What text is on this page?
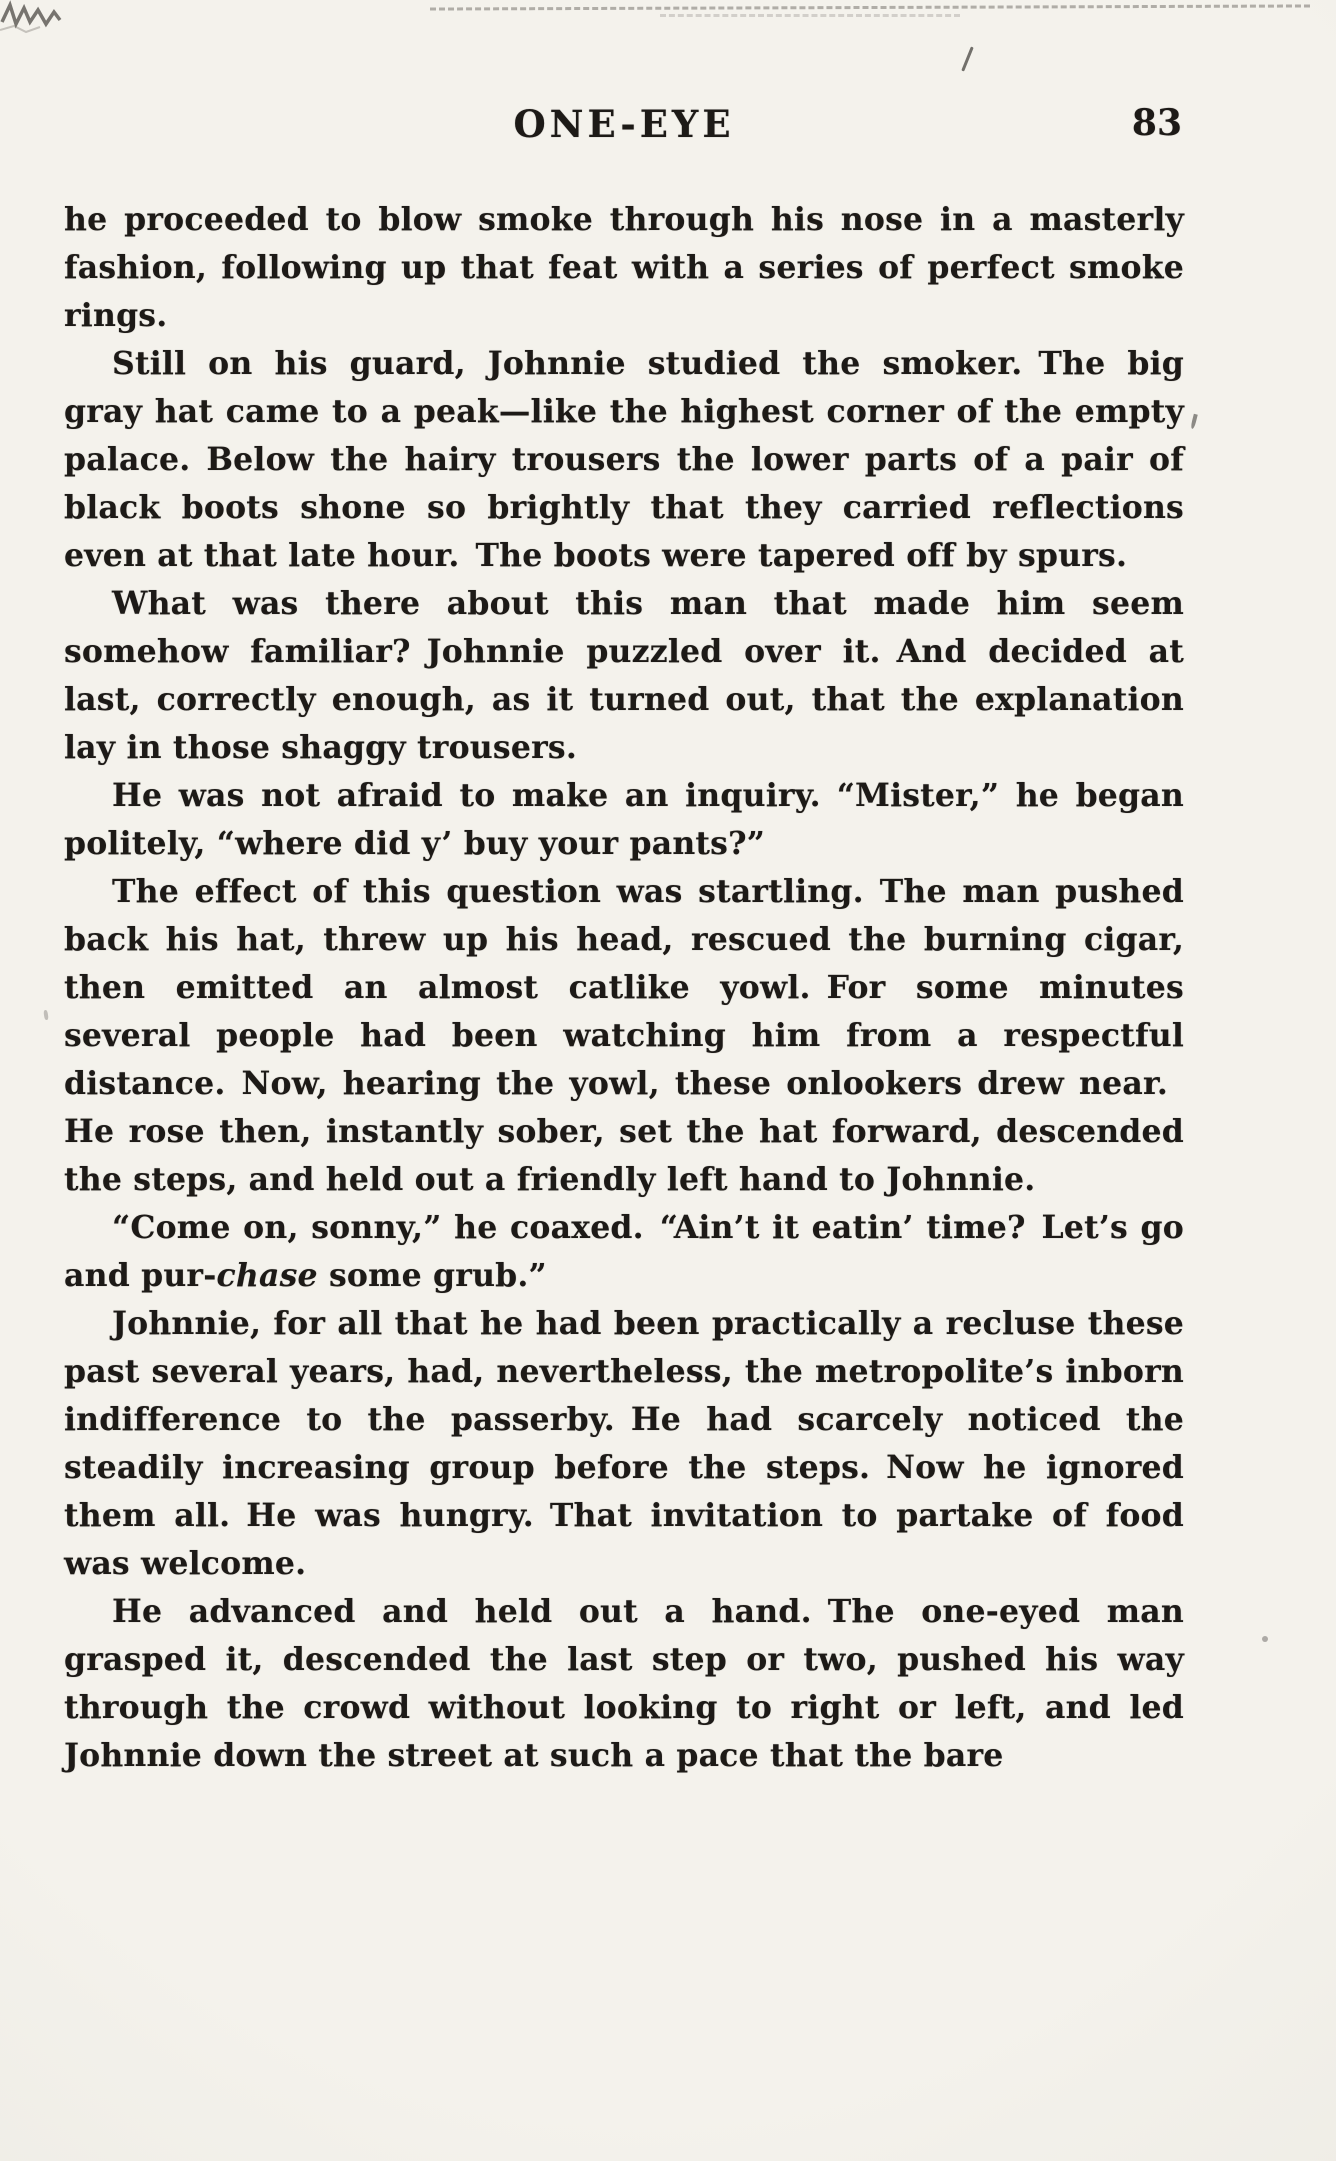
ONE-EYE	83

he proceeded to blow smoke through his nose in a masterly fashion, following up that feat with a series of perfect smoke rings.

Still on his guard, Johnnie studied the smoker. The big gray hat came to a peak—like the highest corner of the empty palace. Below the hairy trousers the lower parts of a pair of black boots shone so brightly that they carried reflections even at that late hour. The boots were tapered off by spurs.

What was there about this man that made him seem somehow familiar? Johnnie puzzled over it. And decided at last, correctly enough, as it turned out, that the explanation lay in those shaggy trousers.

He was not afraid to make an inquiry. “Mister,” he began politely, “where did y’ buy your pants?”

The effect of this question was startling. The man pushed back his hat, threw up his head, rescued the burning cigar, then emitted an almost catlike yowl. For some minutes several people had been watching him from a respectful distance. Now, hearing the yowl, these onlookers drew near. He rose then, instantly sober, set the hat forward, descended the steps, and held out a friendly left hand to Johnnie.

“Come on, sonny,” he coaxed. “Ain’t it eatin’ time? Let’s go and pur-chase some grub.”

Johnnie, for all that he had been practically a recluse these past several years, had, nevertheless, the metropolite’s inborn indifference to the passerby. He had scarcely noticed the steadily increasing group before the steps. Now he ignored them all. He was hungry. That invitation to partake of food was welcome.

He advanced and held out a hand. The one-eyed man grasped it, descended the last step or two, pushed his way through the crowd without looking to right or left, and led Johnnie down the street at such a pace that the bare
